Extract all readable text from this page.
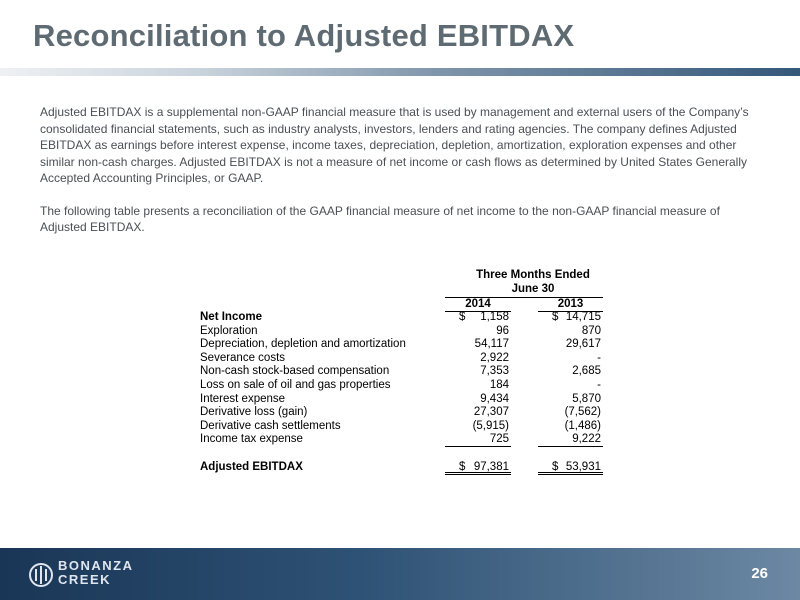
Reconciliation to Adjusted EBITDAX

Adjusted EBITDAX is a supplemental non-GAAP financial measure that is used by management and external users of the Company’s consolidated financial statements, such as industry analysts, investors, lenders and rating agencies. The company defines Adjusted EBITDAX as earnings before interest expense, income taxes, depreciation, depletion, amortization, exploration expenses and other similar non-cash charges. Adjusted EBITDAX is not a measure of net income or cash flows as determined by United States Generally Accepted Accounting Principles, or GAAP.

The following table presents a reconciliation of the GAAP financial measure of net income to the non-GAAP financial measure of Adjusted EBITDAX.

Three Months Ended
June 30
2014	2013
Net Income	$ 1,158	$ 14,715
Exploration	96	870
Depreciation, depletion and amortization	54,117	29,617
Severance costs	2,922	-
Non-cash stock-based compensation	7,353	2,685
Loss on sale of oil and gas properties	184	-
Interest expense	9,434	5,870
Derivative loss (gain)	27,307	(7,562)
Derivative cash settlements	(5,915)	(1,486)
Income tax expense	725	9,222
Adjusted EBITDAX	$ 97,381	$ 53,931
BONANZA
CREEK	26
